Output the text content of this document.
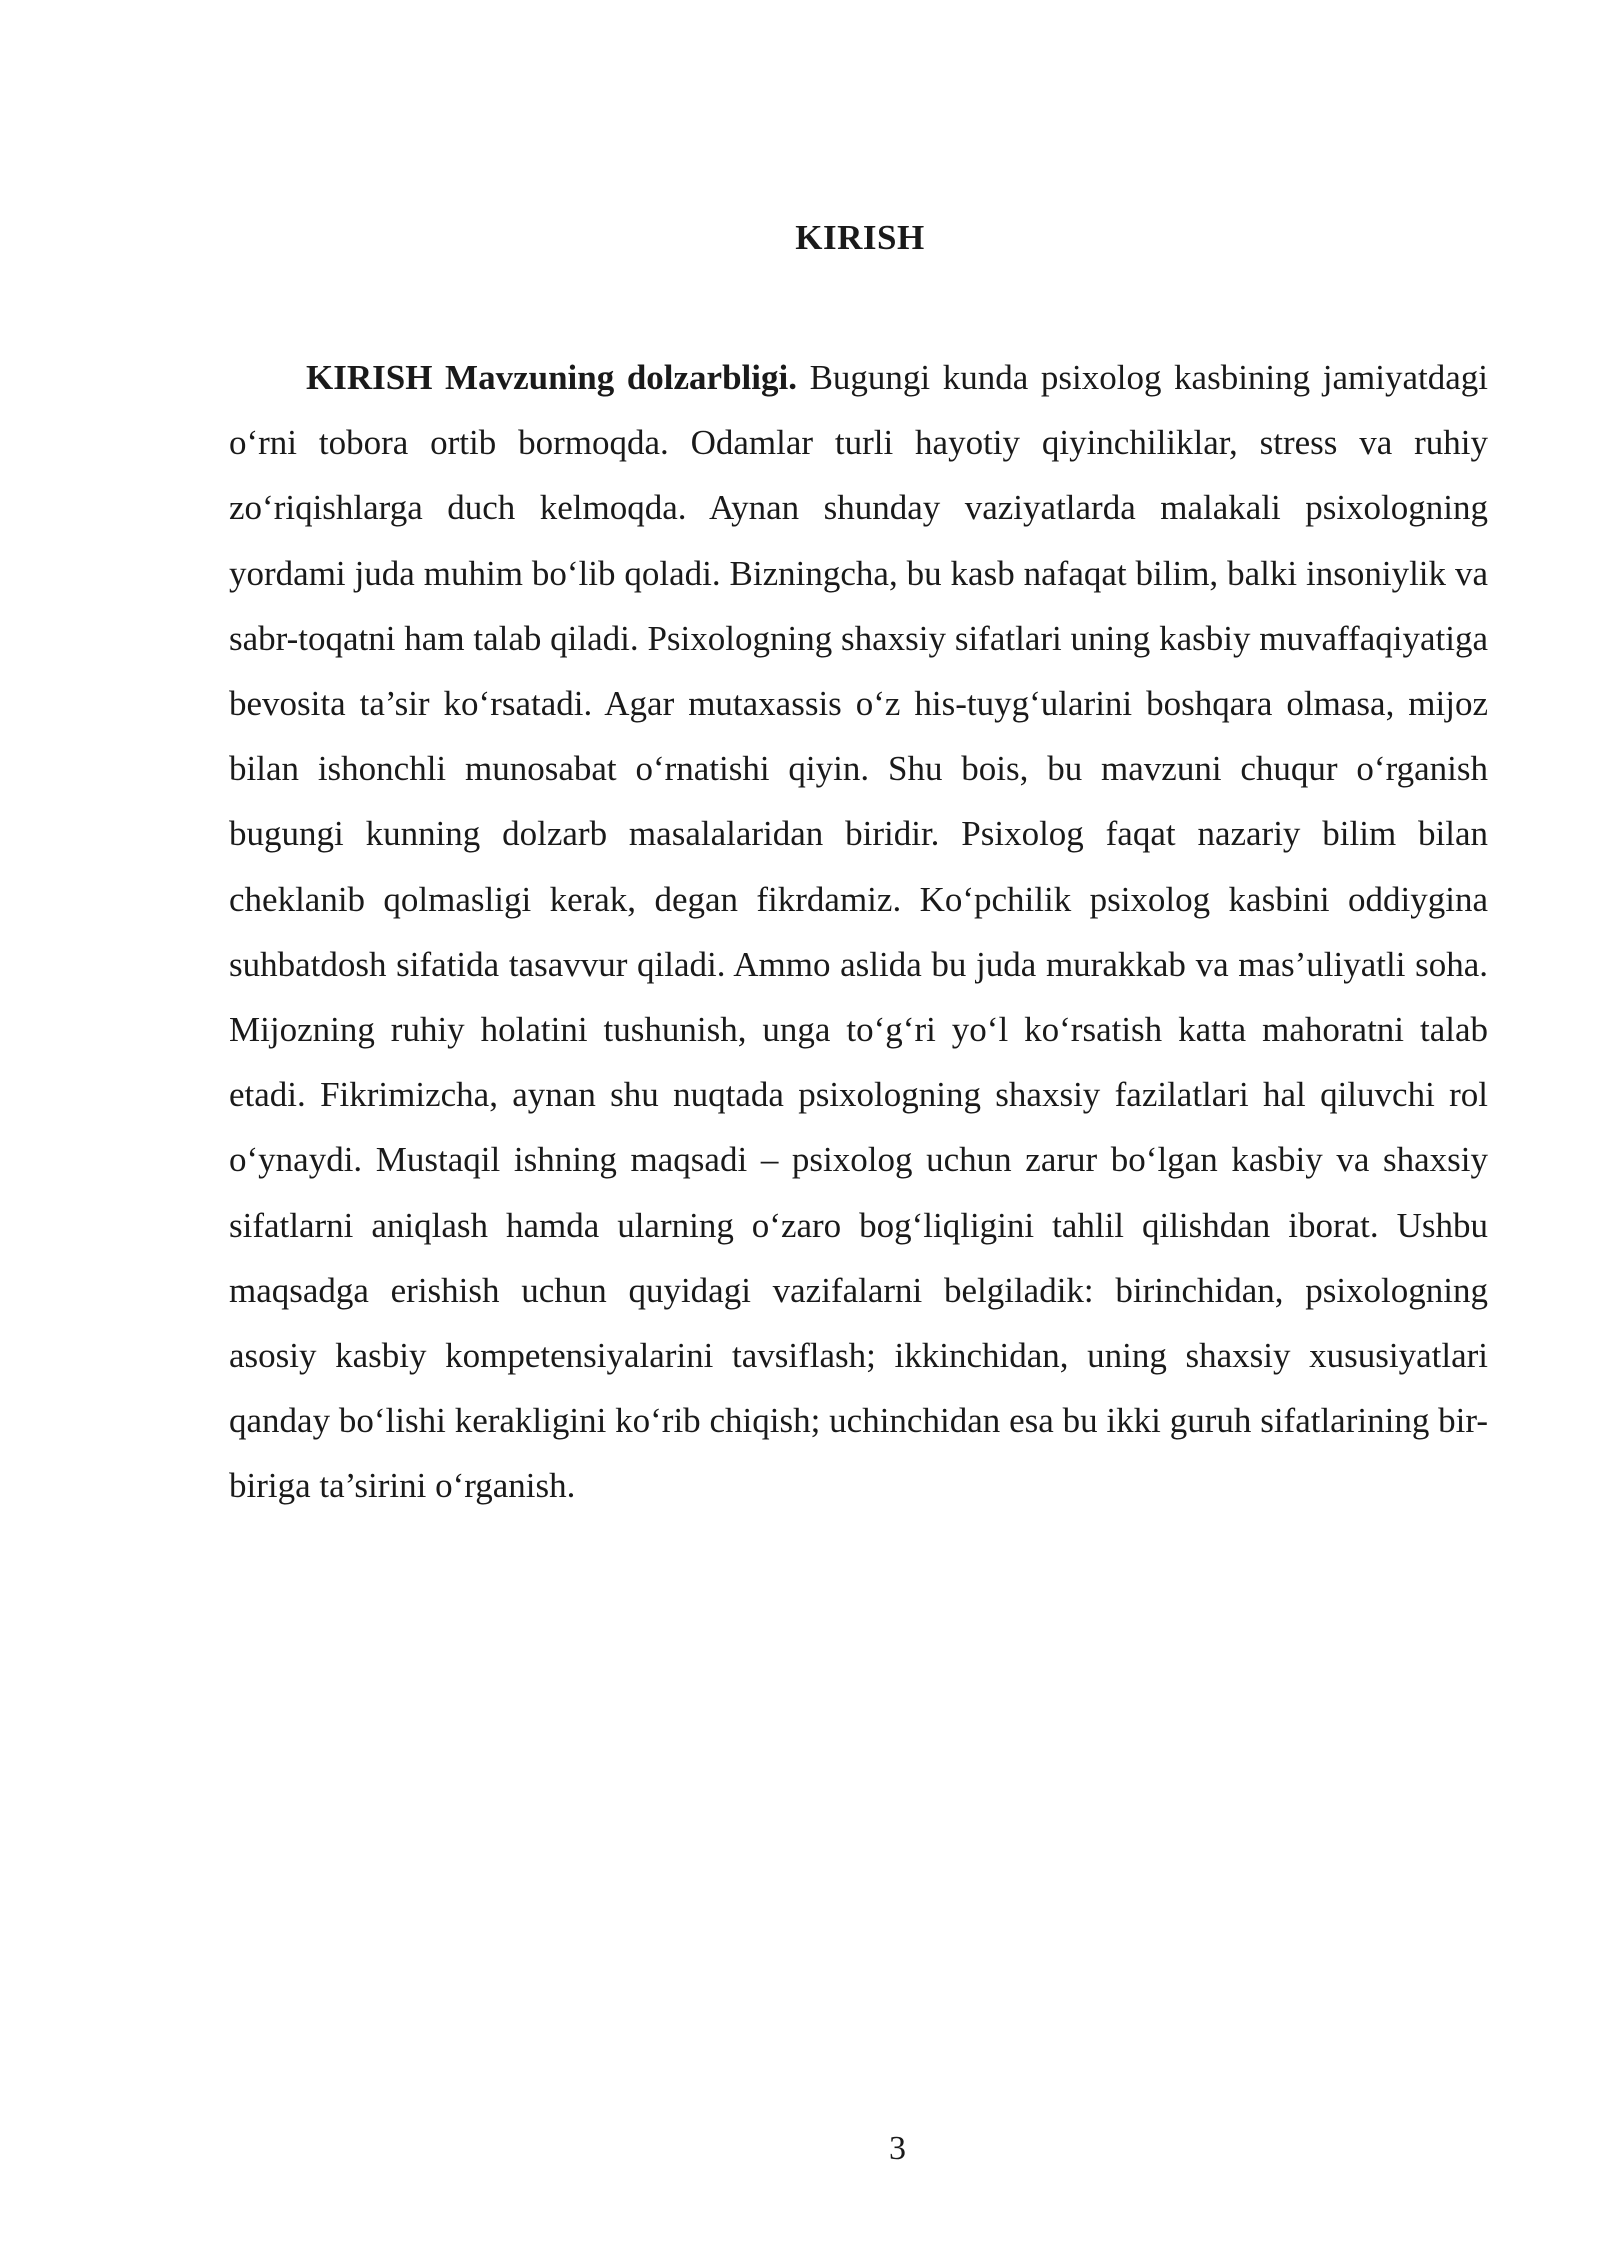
KIRISH

KIRISH Mavzuning dolzarbligi. Bugungi kunda psixolog kasbining jamiyatdagi o‘rni tobora ortib bormoqda. Odamlar turli hayotiy qiyinchiliklar, stress va ruhiy zo‘riqishlarga duch kelmoqda. Aynan shunday vaziyatlarda malakali psixologning yordami juda muhim bo‘lib qoladi. Bizningcha, bu kasb nafaqat bilim, balki insoniylik va sabr-toqatni ham talab qiladi. Psixologning shaxsiy sifatlari uning kasbiy muvaffaqiyatiga bevosita ta’sir ko‘rsatadi. Agar mutaxassis o‘z his-tuyg‘ularini boshqara olmasa, mijoz bilan ishonchli munosabat o‘rnatishi qiyin. Shu bois, bu mavzuni chuqur o‘rganish bugungi kunning dolzarb masalalaridan biridir. Psixolog faqat nazariy bilim bilan cheklanib qolmasligi kerak, degan fikrdamiz. Ko‘pchilik psixolog kasbini oddiygina suhbatdosh sifatida tasavvur qiladi. Ammo aslida bu juda murakkab va mas’uliyatli soha. Mijozning ruhiy holatini tushunish, unga to‘g‘ri yo‘l ko‘rsatish katta mahoratni talab etadi. Fikrimizcha, aynan shu nuqtada psixologning shaxsiy fazilatlari hal qiluvchi rol o‘ynaydi. Mustaqil ishning maqsadi – psixolog uchun zarur bo‘lgan kasbiy va shaxsiy sifatlarni aniqlash hamda ularning o‘zaro bog‘liqligini tahlil qilishdan iborat. Ushbu maqsadga erishish uchun quyidagi vazifalarni belgiladik: birinchidan, psixologning asosiy kasbiy kompetensiyalarini tavsiflash; ikkinchidan, uning shaxsiy xususiyatlari qanday bo‘lishi kerakligini ko‘rib chiqish; uchinchidan esa bu ikki guruh sifatlarining bir-biriga ta’sirini o‘rganish.

3
